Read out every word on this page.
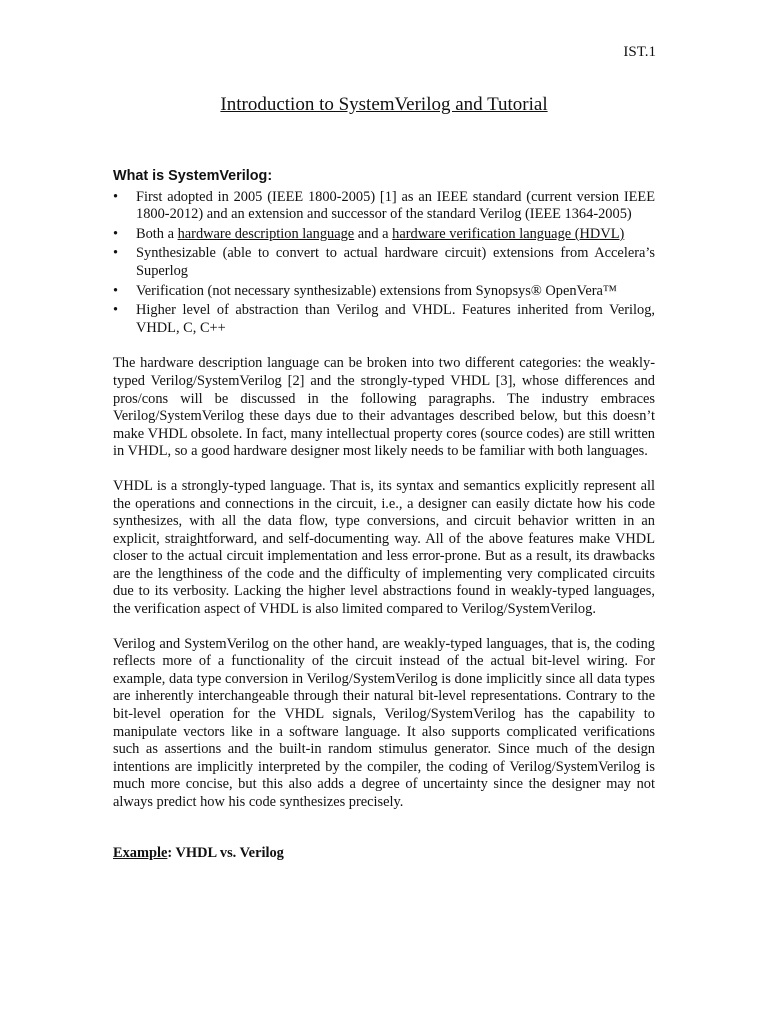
IST.1
Introduction to SystemVerilog and Tutorial
What is SystemVerilog:
• First adopted in 2005 (IEEE 1800-2005) [1] as an IEEE standard (current version IEEE 1800-2012) and an extension and successor of the standard Verilog (IEEE 1364-2005)
• Both a hardware description language and a hardware verification language (HDVL)
• Synthesizable (able to convert to actual hardware circuit) extensions from Accelera’s Superlog
• Verification (not necessary synthesizable) extensions from Synopsys® OpenVera™
• Higher level of abstraction than Verilog and VHDL. Features inherited from Verilog, VHDL, C, C++

The hardware description language can be broken into two different categories: the weakly-typed Verilog/SystemVerilog [2] and the strongly-typed VHDL [3], whose differences and pros/cons will be discussed in the following paragraphs. The industry embraces Verilog/SystemVerilog these days due to their advantages described below, but this doesn’t make VHDL obsolete. In fact, many intellectual property cores (source codes) are still written in VHDL, so a good hardware designer most likely needs to be familiar with both languages.

VHDL is a strongly-typed language. That is, its syntax and semantics explicitly represent all the operations and connections in the circuit, i.e., a designer can easily dictate how his code synthesizes, with all the data flow, type conversions, and circuit behavior written in an explicit, straightforward, and self-documenting way. All of the above features make VHDL closer to the actual circuit implementation and less error-prone. But as a result, its drawbacks are the lengthiness of the code and the difficulty of implementing very complicated circuits due to its verbosity. Lacking the higher level abstractions found in weakly-typed languages, the verification aspect of VHDL is also limited compared to Verilog/SystemVerilog.

Verilog and SystemVerilog on the other hand, are weakly-typed languages, that is, the coding reflects more of a functionality of the circuit instead of the actual bit-level wiring. For example, data type conversion in Verilog/SystemVerilog is done implicitly since all data types are inherently interchangeable through their natural bit-level representations. Contrary to the bit-level operation for the VHDL signals, Verilog/SystemVerilog has the capability to manipulate vectors like in a software language. It also supports complicated verifications such as assertions and the built-in random stimulus generator. Since much of the design intentions are implicitly interpreted by the compiler, the coding of Verilog/SystemVerilog is much more concise, but this also adds a degree of uncertainty since the designer may not always predict how his code synthesizes precisely.

Example: VHDL vs. Verilog
